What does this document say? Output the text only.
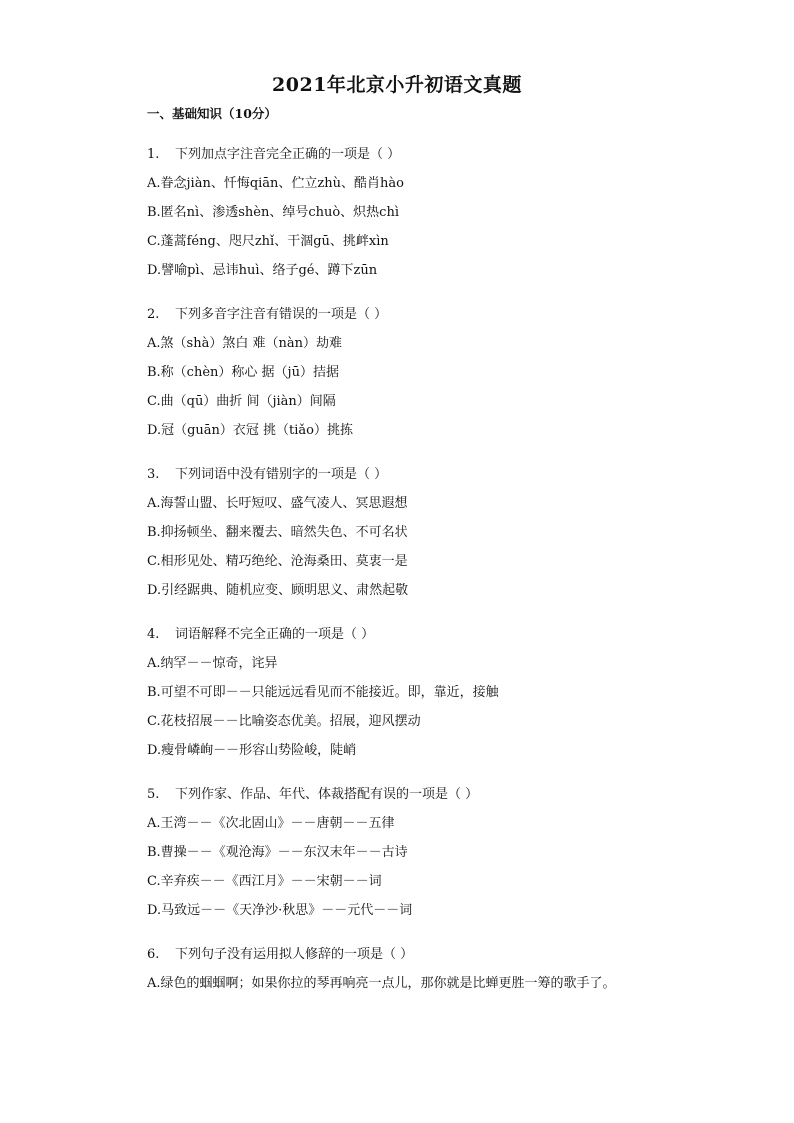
2021年北京小升初语文真题
一、基础知识（10分）
1. 下列加点字注音完全正确的一项是（ ）
A.眷念jiàn、忏悔qiān、伫立zhù、酷肖hào
B.匿名nì、渗透shèn、绰号chuò、炽热chì
C.蓬蒿féng、咫尺zhǐ、干涸gū、挑衅xìn
D.譬喻pì、忌讳huì、络子gé、蹲下zūn
2. 下列多音字注音有错误的一项是（ ）
A.煞（shà）煞白 难（nàn）劫难
B.称（chèn）称心 据（jū）拮据
C.曲（qū）曲折 间（jiàn）间隔
D.冠（guān）衣冠 挑（tiǎo）挑拣
3. 下列词语中没有错别字的一项是（ ）
A.海誓山盟、长吁短叹、盛气凌人、冥思遐想
B.抑扬顿坐、翻来覆去、暗然失色、不可名状
C.相形见处、精巧绝纶、沧海桑田、莫衷一是
D.引经踞典、随机应变、顾明思义、肃然起敬
4. 词语解释不完全正确的一项是（ ）
A.纳罕－－惊奇，诧异
B.可望不可即－－只能远远看见而不能接近。即，靠近，接触
C.花枝招展－－比喻姿态优美。招展，迎风摆动
D.瘦骨嶙峋－－形容山势险峻，陡峭
5. 下列作家、作品、年代、体裁搭配有误的一项是（ ）
A.王湾－－《次北固山》－－唐朝－－五律
B.曹操－－《观沧海》－－东汉末年－－古诗
C.辛弃疾－－《西江月》－－宋朝－－词
D.马致远－－《天净沙·秋思》－－元代－－词
6. 下列句子没有运用拟人修辞的一项是（ ）
A.绿色的蝈蝈啊；如果你拉的琴再响亮一点儿，那你就是比蝉更胜一筹的歌手了。
